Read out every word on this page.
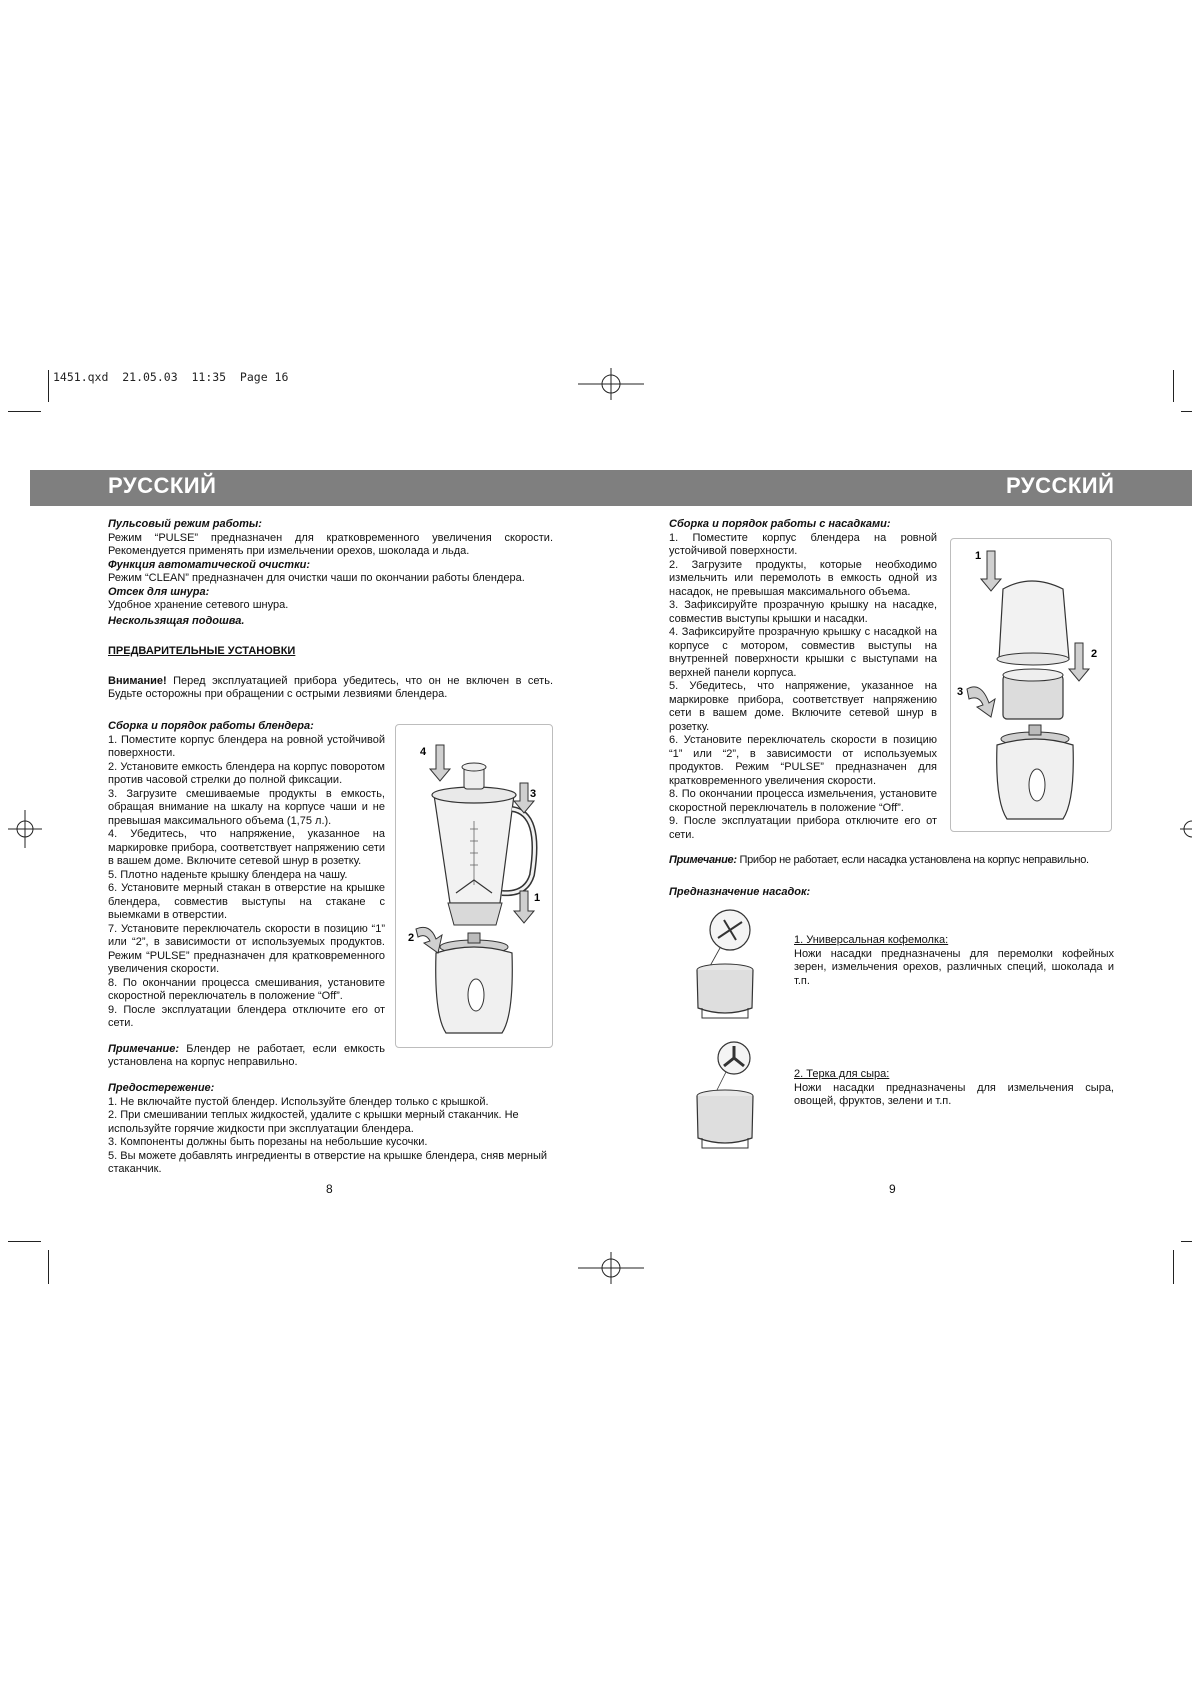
1451.qxd  21.05.03  11:35  Page 16
РУССКИЙ	РУССКИЙ

Пульсовый режим работы:

Режим “PULSE” предназначен для кратковременного увеличения скорости. Рекомендуется применять при измельчении орехов, шоколада и льда.

Функция автоматической очистки:

Режим “CLEAN” предназначен для очистки чаши по окончании работы блендера.

Отсек для шнура:

Удобное хранение сетевого шнура.

Нескользящая подошва.

ПРЕДВАРИТЕЛЬНЫЕ УСТАНОВКИ

Внимание! Перед эксплуатацией прибора убедитесь, что он не включен в сеть. Будьте осторожны при обращении с острыми лезвиями блендера.

Сборка и порядок работы блендера:

1. Поместите корпус блендера на ровной устойчивой поверхности.

2. Установите емкость блендера на корпус поворотом против часовой стрелки до полной фиксации.

3. Загрузите смешиваемые продукты в емкость, обращая внимание на шкалу на корпусе чаши и не превышая максимального объема (1,75 л.).

4. Убедитесь, что напряжение, указанное на маркировке прибора, соответствует напряжению сети в вашем доме. Включите сетевой шнур в розетку.

5. Плотно наденьте крышку блендера на чашу.

6. Установите мерный стакан в отверстие на крышке блендера, совместив выступы на стакане с выемками в отверстии.

7. Установите переключатель скорости в позицию “1” или “2”, в зависимости от используемых продуктов. Режим “PULSE” предназначен для кратковременного увеличения скорости.

8. По окончании процесса смешивания, установите скоростной переключатель в положение “Off”.

9. После эксплуатации блендера отключите его от сети.

Примечание: Блендер не работает, если емкость установлена на корпус неправильно.

Предостережение:

1. Не включайте пустой блендер. Используйте блендер только с крышкой.

2. При смешивании теплых жидкостей, удалите с крышки мерный стаканчик. Не используйте горячие жидкости при эксплуатации блендера.

3. Компоненты должны быть порезаны на небольшие кусочки.

5. Вы можете добавлять ингредиенты в отверстие на крышке блендера, сняв мерный стаканчик.

8
4
3
1
2

Сборка и порядок работы с насадками:

1. Поместите корпус блендера на ровной устойчивой поверхности.

2. Загрузите продукты, которые необходимо измельчить или перемолоть в емкость одной из насадок, не превышая максимального объема.

3. Зафиксируйте прозрачную крышку на насадке, совместив выступы крышки и насадки.

4. Зафиксируйте прозрачную крышку с насадкой на корпусе с мотором, совместив выступы на внутренней поверхности крышки с выступами на верхней панели корпуса.

5. Убедитесь, что напряжение, указанное на маркировке прибора, соответствует напряжению сети в вашем доме. Включите сетевой шнур в розетку.

6. Установите переключатель скорости в позицию “1” или “2”, в зависимости от используемых продуктов. Режим “PULSE” предназначен для кратковременного увеличения скорости.

8. По окончании процесса измельчения, установите скоростной переключатель в положение “Off”.

9. После эксплуатации прибора отключите его от сети.

Примечание: Прибор не работает, если насадка установлена на корпус неправильно.

Предназначение насадок:

1
2
3

1. Универсальная кофемолка:

Ножи насадки предназначены для перемолки кофейных зерен, измельчения орехов, различных специй, шоколада и т.п.

2. Терка для сыра:

Ножи насадки предназначены для измельчения сыра, овощей, фруктов, зелени и т.п.

9
